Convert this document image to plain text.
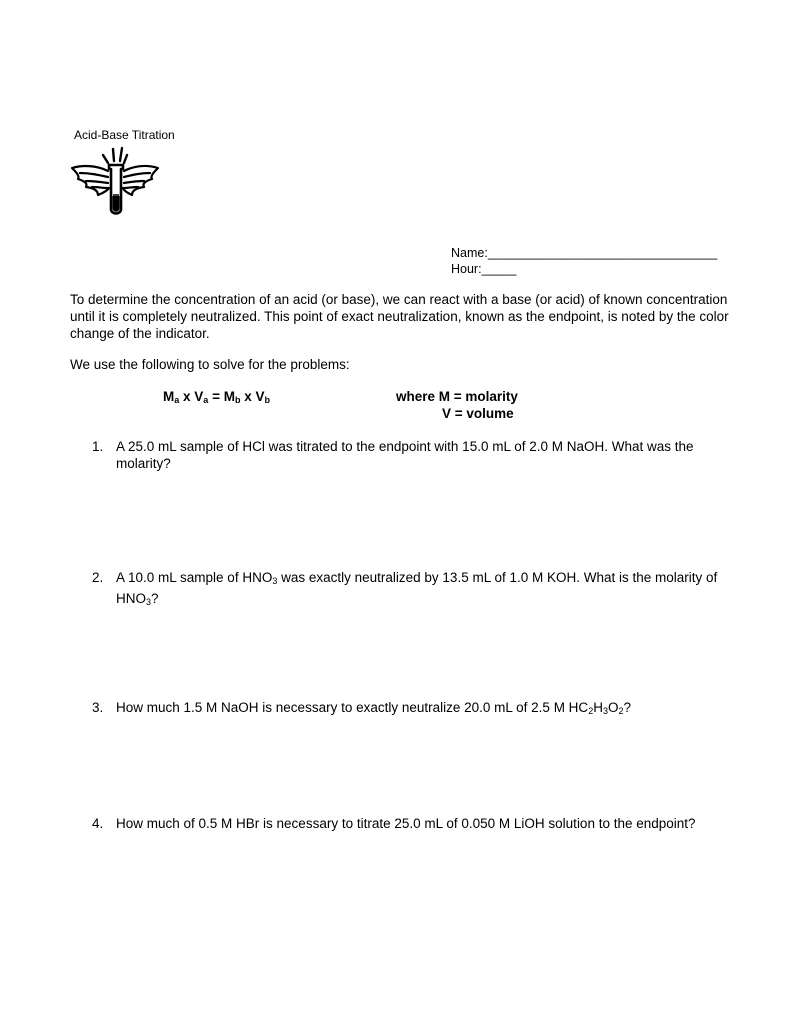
Acid-Base Titration
Name:_________________________________
Hour:_____
To determine the concentration of an acid (or base), we can react with a base (or acid) of known concentration until it is completely neutralized. This point of exact neutralization, known as the endpoint, is noted by the color change of the indicator.
We use the following to solve for the problems:
$M_a$ x $V_a = M_b$ x $V_b$	where M = molarity
V = volume
1. A 25.0 mL sample of HCl was titrated to the endpoint with 15.0 mL of 2.0 M NaOH. What was the molarity?
2. A 10.0 mL sample of $HNO_3$ was exactly neutralized by 13.5 mL of 1.0 M KOH. What is the molarity of $HNO_3$?
3. How much 1.5 M NaOH is necessary to exactly neutralize 20.0 mL of 2.5 M $HC_2H_3O_2$?
4. How much of 0.5 M HBr is necessary to titrate 25.0 mL of 0.050 M LiOH solution to the endpoint?
